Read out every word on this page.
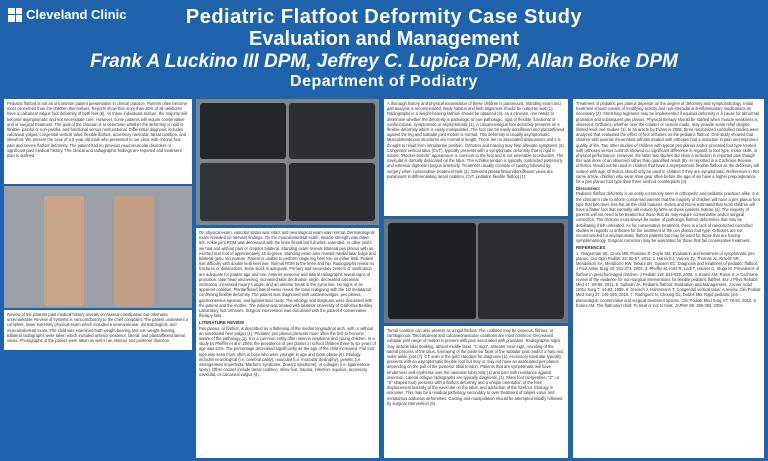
Cleveland Clinic	Pediatric Flatfoot Deformity Case Study
Evaluation and Management
Frank A Luckino III DPM, Jeffrey C. Lupica DPM, Allan Boike DPM
Department of Podiatry

Pediatric flatfoot is not an uncommon patient presentation in clinical practice. Parents often become most concerned than the children themselves. Reports show that more than 30% of all newborns have a calcaneal valgus foot deformity of both feet (6). As these individuals mature, the majority will become asymptomatic and not necessitate care. However, some patients will require conservative and or surgical treatment. The goal of the clinician is to determine whether the deformity is rigid or flexible, painful or non-painful, and functional versus nonfunctional. Differential diagnosis includes calcaneal valgus, congenital vertical talus, flexible flatfoot, accessory navicular, tarsal coalition, and skewfoot. We present the case of a 5 year old male who presented to our clinic with chronic foot pain and severe flatfoot deformity. The patient had no previous neuromuscular disorders or significant past medical history. The clinical and radiographic findings are reported and treatment plan is outlined.

Review of the patients past medical history reveals occasional constipation but otherwise unremarkable. Review of systems is noncontributory to the chief complaint. The patient underwent a complete, lower extremity physical exam which included a neurovascular, dermatological, and musculoskeletal exam. The child was examined both weight-bearing and non weight-bearing. Bilateral radiographs were taken which included anterior-posterior, lateral, and plantarflexed lateral views. Photographs of the patient were taken as well in an anterior and posterior direction.

On physical exam, vascular status was intact and neurological exam was normal. Dermatological exam revealed no relevant findings. On the musculoskeletal exam, muscle strength was rated 5/5. Ankle joint ROM was decreased with the knee flexed but full when extended. At other joints we had and without pain or crepitus bilateral. Standing exam reveals bilateral pes planus with an everted rear foot of approximately 15 degrees. Standing exam also reveals medial talar bulge and bilateral genu recurvatum. Patient is unable to perform single leg heel rise on either limb. Patient has difficulty with double limb heel rise. Normal ROM to the knee and hip. Radiographs reveal no fractures or dislocations. Bone stock is adequate. Primary and secondary centers of ossification are adequate for patient age and sex. Anterior-posterior and lateral radiographs reveal signs of pronation: talar head uncovering, increased talar declination angle, decreased calcaneal inclination, increased meary's angle, and an anterior break in the cyma line. No signs of an apparent coalition. Plantarflexed lateral views reveal the talus realigning with the 1st metatarsal confirming flexible deformity. The patient was diagnosed with calcaneovalgus, pes planus, gastrocnemius equinus, and ligamentous laxity. The etiology and diagnosis were discussed with the patient and the mother. The patient was treated with bilateral University of California Berkley Laboratory foot orthoses. Surgical intervention was discussed with the patient if conservative therapy fails.

LITERATURE REVIEW

Pes planus, or flatfoot, is described as a flattening of the medial longitudinal arch, with or without an associated heel valgus (1). Pediatric pes planus presents more often the first to become aware of the pathology (2). It is a common entity often seen in newborns and young children. In a study by Pfeiffer et al in 2006, the prevalence of pes planus in school children three to six years of age was 44%. The percentage decreased significantly as the age of the child increased. Flat foot type was seen more often in boys who were younger in age and more obese (5). Etiology includes neurological (i.e. cerebral palsy), muscular (i.e. muscular dystrophy), genetic (i.e. osteogenesis imperfecta, Marfan's syndrome, Down's syndrome), or collagen (i.e. ligamentous laxity). Other causes include tarsal coalition, skew foot, trauma, infection, equinus, accessory navicular, or calcaneal valgus (4).

A thorough history and physical examination of these children is paramount. Standing exam and gait analysis is recommended. Body habitus and limb alignment should be noted as well (1). Radiographs in a weight-bearing fashion should be obtained (2). As a clinician, one needs to determine whether the deformity is pathologic or non-pathologic, rigid or flexible, functional or nonfunctional, symptomatic or asymptomatic (1). A calcaneovalgus foot deformity presents as a flexible deformity which is easily manipulated. The foot can be easily dorsiflexed and plantarflexed against the leg and subtalar joint motion is normal. This deformity is usually asymptomatic. Musculotendinous structures are normal in length. There are no associated dislocations and it is thought to result from intrauterine position. Orthotics and bracing may help alleviate symptoms (3). Congenital vertical talus (CVT), typically presents with a symptomatic deformity that is rigid in nature. "Rocker-bottom" appearance is common to the foot and is not amenable to reduction. The navicular is dorsally dislocated on the talus. The Achilles tendon is typically contracted posteriorly and extensor digitorum longus anteriorly. Treatment usually consists of casting followed by surgery when conservative treatment fails (4). Stressed plantarflexion/dorsiflexion views are paramount in differentiating tarsal coalition, CVT, pediatric flexible flatfoot (1).

Tarsal coalition can also present as a rigid flatfoot. The coalition may be osseous, fibrous, or cartilaginous. Talocalcaneal and calcaneonavicular coalitions are most common. Decreased subtalar joint range of motion is present with pain associated with pronation. Radiographic signs may include talar beaking, absent middle facet, "C-sign", anteater nose sign, rounding of the lateral process of the talus, narrowing of the posterior facet of the subtalar joint, and/or a halo and violet ankle joint (7). CT scan is the gold standard for diagnosis (1). Accessory navicular typically presents with an asymptomatic flexible foot but may or may not have an associated pes planus depending on the pull of the posterior tibial tendon. Patients that are symptomatic will have tenderness and erythema over the navicular tuberosity (1) and pain with resistance against inversion. Lateral oblique radiographs are typically diagnostic (1). Skew foot (serpentine, "Z", or "S" shaped foot) presents with a flatfoot deformity and a unique orientation of the feet: displacement laterally of the navicular on the talus, and adduction of the forefoot. Etiology is unknown. This may be a residual pathology secondary to over treatment of talipes varus and metatarsus adductus deformities. Casting and manipulation should be attempted initially followed by surgical intervention (5).

Treatment of pediatric pes planus depends on the degree of deformity and symptomatology. Initial treatment should consist of modifying activity and non-steroidal anti-inflammatory medications as necessary (2). Stretching regimens may be implemented if equinus deformity is a cause for abnormal pronation and subsequent pes planus. Physical therapy should be started when muscle weakness is observed. Orthotics, whether over the counter or custom made, may provide some relief despite limited level one studies (1). In an article by Evans in 2008, three randomized controlled studies were analyzed that evaluated the effect of foot orthoses on the pediatric flatfoot. One study showed that children with juvenile rheumatoid arthritis treated with orthoses had a reduction in pain and improved quality of life. Two other studies of children with typical pes planus and/or pronated foot type treated with orthoses versus controls showed no significant difference in regards to foot type, motor skills, or physical performance. However, the latter two studies did show a reduction in reported pain though this was more of an observed rather than quantified result (8). As reported in a Cochrane Review orthotics should not be used in children that have a asymptomatic flexible flatfoot as the deformity will reduce with age. Orthotics should only be used in children if they are symptomatic. References in this same article, children who wear shoe gear often before the age of six have a higher preponderance for a pes planus foot type than there unshod counterparts (4).

Discussion:

Pediatric flatfoot deformity is an entity commonly seen in orthopedic and pediatric practices alike. It is the clinician's role to inform concerned parents that the majority of children will have a pes planus foot type that becomes less flat as the child matures. Evans and Rome estimated that most children will have a flatter foot that normally will reduce by 50% as these patients mature (4). The majority of parents will not need to be treated but those that do may require conservative and/or surgical correction. The clinician must always be aware of pathologic flatfoot deformities that may be debilitating if left untreated. As for conservative treatment, there is a lack of randomized controlled studies in regards to orthoses for the treatment of the pes planus foot type. Orthotics are not recommended for asymptomatic flatfoot patients but may be used for those that are having symptomatology. Surgical correction may be warranted for those that fail conservative treatment.

REFERENCES

1. Yeagerman SE, Cross MB, Positano R, Doyle SM. Evaluation and treatment of symptomatic pes planus. Cur Opin Pediatr 23: 60-67, 2011. 2. Harris EJ, Vanore JV, Thomas JL, Kravitz SR, Mendelson SA, Mendicino RW, Silvani SH, Gassen SC. Diagnosis and treatment of pediatric flatfoot. J Foot Ankle Surg 43: 341-373, 2004. 3. Pfeiffer M, Kotz R, Ledl T, Hauser G, Sluga M. Prevalence of flatfoot in preschool-aged children. J Pediatr 118: 634-639, 2006. 4. Evans AM, Rome K. A Cochrane review of the evidence for non-surgical interventions for flexible pediatric flatfeet. Eur J Phys Rehabil Med 47: 69-89, 2011. 5. Sullivan JA. Pediatric flatfoot: Evaluation and Management. J Amer Acad Ortho Surg 7: 44-53, 1999. 6. Jerosch J, Hamsmann T. Congenital vertical talus: A review. Clin Podiatr Med Surg 27: 145-155, 2010. 7. Rodriguez N, Choung DJ, Dobbs MB. Rigid pediatric pes planovalgus: conservative and surgical treatment options. Clin Podiatr Med Surg 27: 79-92, 2010. 8. Evans AM. The flatfooted child: To treat or not to treat. JAPMA 98: 386-393, 2008.
